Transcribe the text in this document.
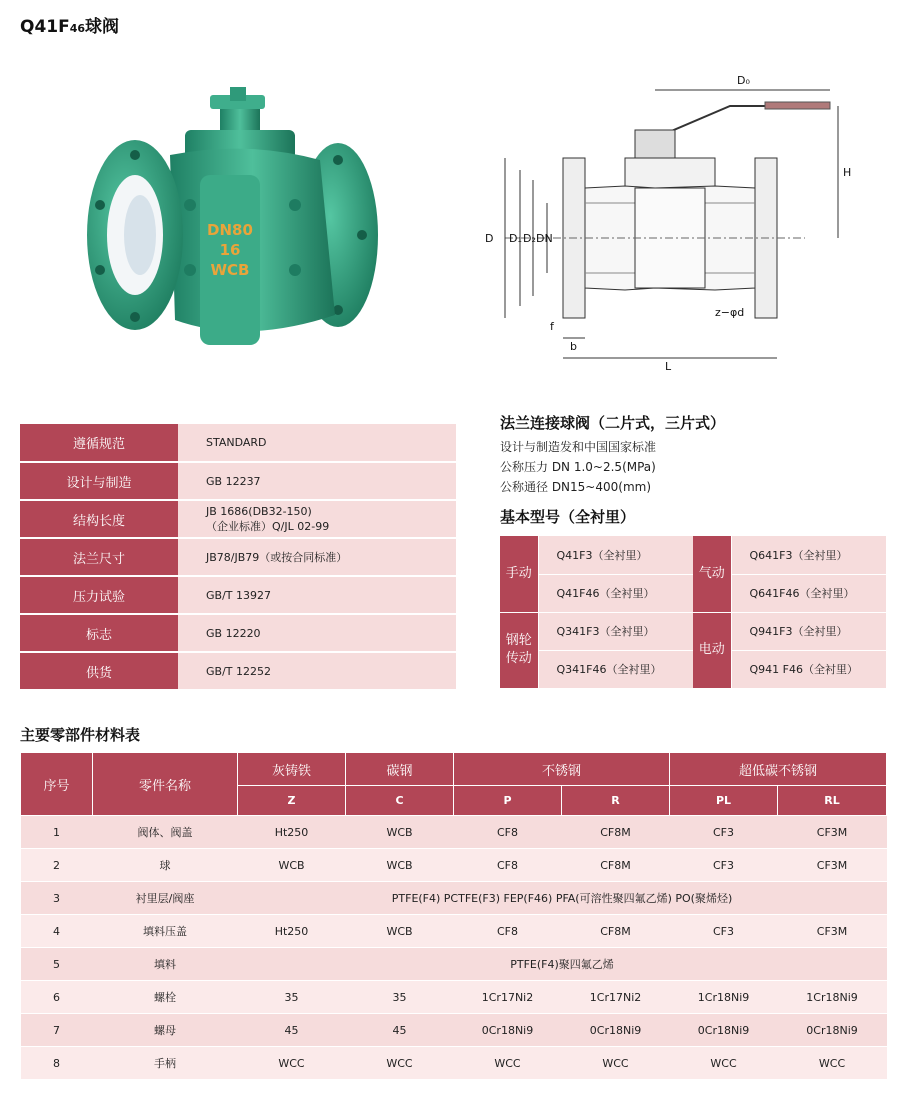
Q41F46球阀
DN80
16
WCB
D₀
H
D D₁ D₂ DN
f
b
L
z−φd
遵循规范	STANDARD
设计与制造	GB 12237
结构长度	JB 1686(DB32-150)
（企业标准）Q/JL 02-99

法兰尺寸	JB78/JB79（或按合同标准）
压力试验	GB/T 13927
标志	GB 12220
供货	GB/T 12252
法兰连接球阀（二片式，三片式）

设计与制造发和中国国家标准

公称压力 DN 1.0~2.5(MPa)

公称通径 DN15~400(mm)

基本型号（全衬里）
手动	Q41F3（全衬里）	气动	Q641F3（全衬里）
	Q41F46（全衬里）		Q641F46（全衬里）

钢轮
传动	Q341F3（全衬里）	电动	Q941F3（全衬里）
	Q341F46（全衬里）		Q941 F46（全衬里）
主要零部件材料表
序号	零件名称	灰铸铁	碳钢	不锈钢		超低碳不锈钢	
		Z	C	P	R	PL	RL
1	阀体、阀盖	Ht250	WCB	CF8	CF8M	CF3	CF3M
2	球	WCB	WCB	CF8	CF8M	CF3	CF3M
3	衬里层/阀座	PTFE(F4) PCTFE(F3) FEP(F46) PFA(可溶性聚四氟乙烯) PO(聚烯烃)					
4	填料压盖	Ht250	WCB	CF8	CF8M	CF3	CF3M
5	填料	PTFE(F4)聚四氟乙烯					
6	螺栓	35	35	1Cr17Ni2	1Cr17Ni2	1Cr18Ni9	1Cr18Ni9
7	螺母	45	45	0Cr18Ni9	0Cr18Ni9	0Cr18Ni9	0Cr18Ni9
8	手柄	WCC	WCC	WCC	WCC	WCC	WCC
